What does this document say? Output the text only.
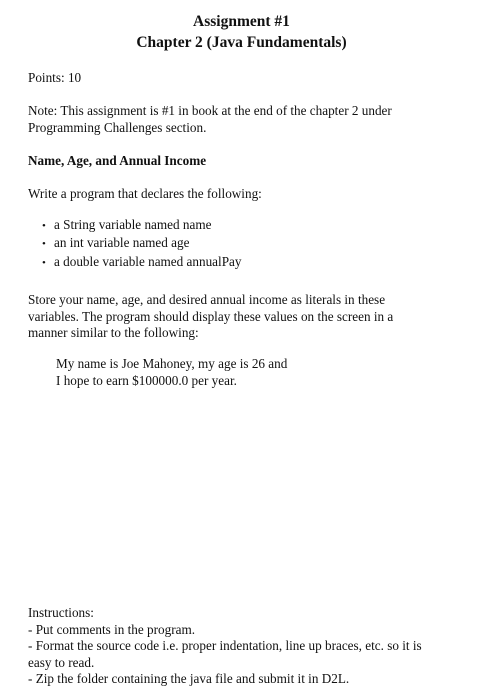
Assignment #1
Chapter 2 (Java Fundamentals)
Points: 10
Note: This assignment is #1 in book at the end of the chapter 2 under
Programming Challenges section.
Name, Age, and Annual Income
Write a program that declares the following:
• a String variable named name
• an int variable named age
• a double variable named annualPay
Store your name, age, and desired annual income as literals in these
variables. The program should display these values on the screen in a
manner similar to the following:
My name is Joe Mahoney, my age is 26 and
I hope to earn $100000.0 per year.
Instructions:
- Put comments in the program.
- Format the source code i.e. proper indentation, line up braces, etc. so it is
easy to read.
- Zip the folder containing the java file and submit it in D2L.
